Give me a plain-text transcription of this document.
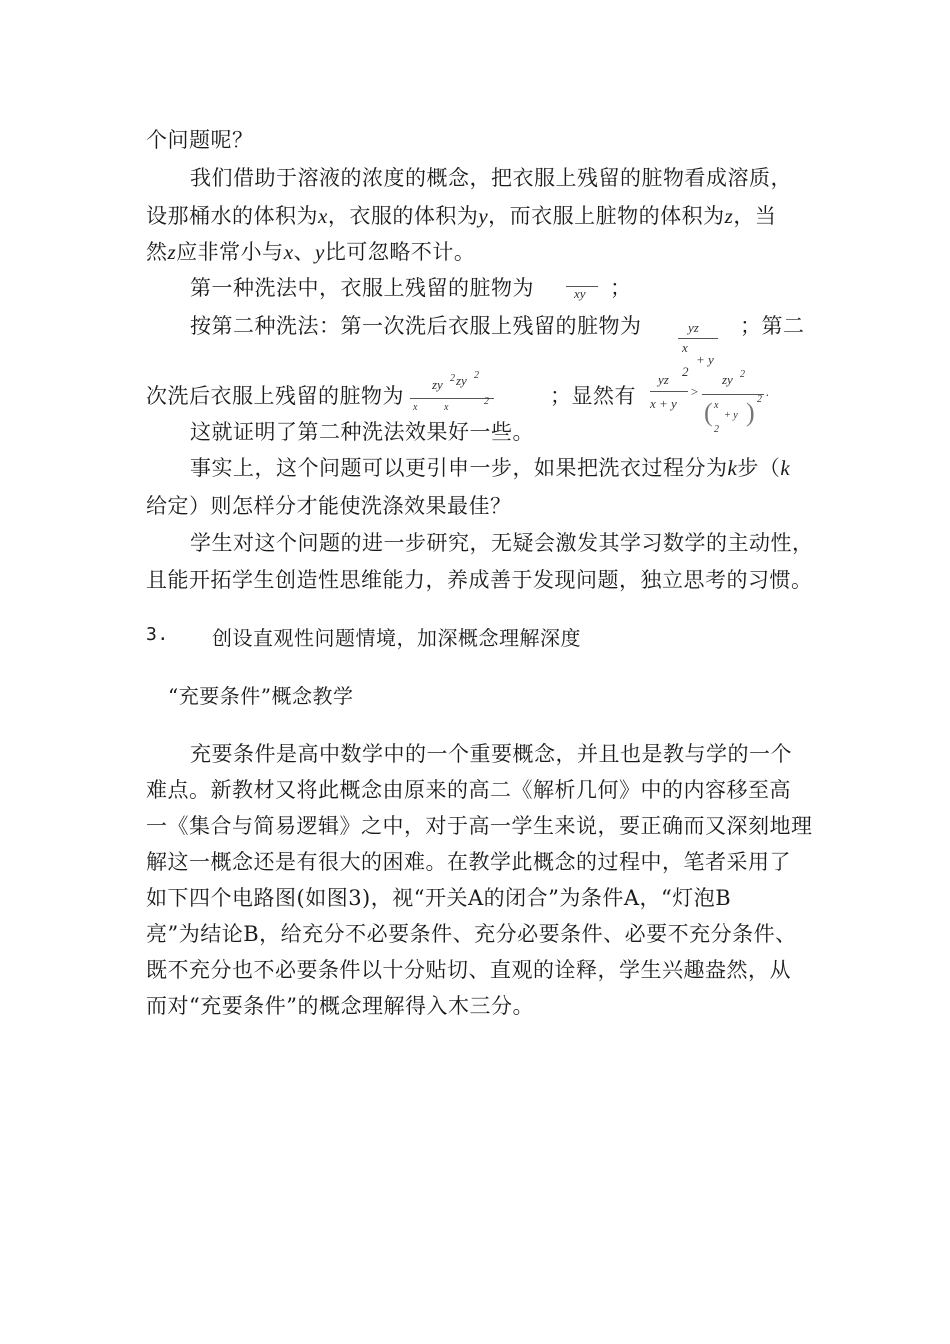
个问题呢？
我们借助于溶液的浓度的概念，把衣服上残留的脏物看成溶质，
设那桶水的体积为x，衣服的体积为y，而衣服上脏物的体积为z，当
然z应非常小与x、y比可忽略不计。
第一种洗法中，衣服上残留的脏物为	xy ；
按第二种洗法：第一次洗后衣服上残留的脏物为	yz
x
+ y
2
；第二
次洗后衣服上残留的脏物为 zy 2 zy 2
x	x
2	；显然有
yz
x + y
>
zy 2
( x
+ y
2
) 2
.
这就证明了第二种洗法效果好一些。
事实上，这个问题可以更引申一步，如果把洗衣过程分为k步（k
给定）则怎样分才能使洗涤效果最佳？
学生对这个问题的进一步研究，无疑会激发其学习数学的主动性，
且能开拓学生创造性思维能力，养成善于发现问题，独立思考的习惯。
3. 创设直观性问题情境，加深概念理解深度
“充要条件”概念教学
充要条件是高中数学中的一个重要概念，并且也是教与学的一个
难点。新教材又将此概念由原来的高二《解析几何》中的内容移至高
一《集合与简易逻辑》之中，对于高一学生来说，要正确而又深刻地理
解这一概念还是有很大的困难。在教学此概念的过程中，笔者采用了
如下四个电路图(如图3)，视“开关A的闭合”为条件A，“灯泡B
亮”为结论B，给充分不必要条件、充分必要条件、必要不充分条件、
既不充分也不必要条件以十分贴切、直观的诠释，学生兴趣盎然，从
而对“充要条件”的概念理解得入木三分。
